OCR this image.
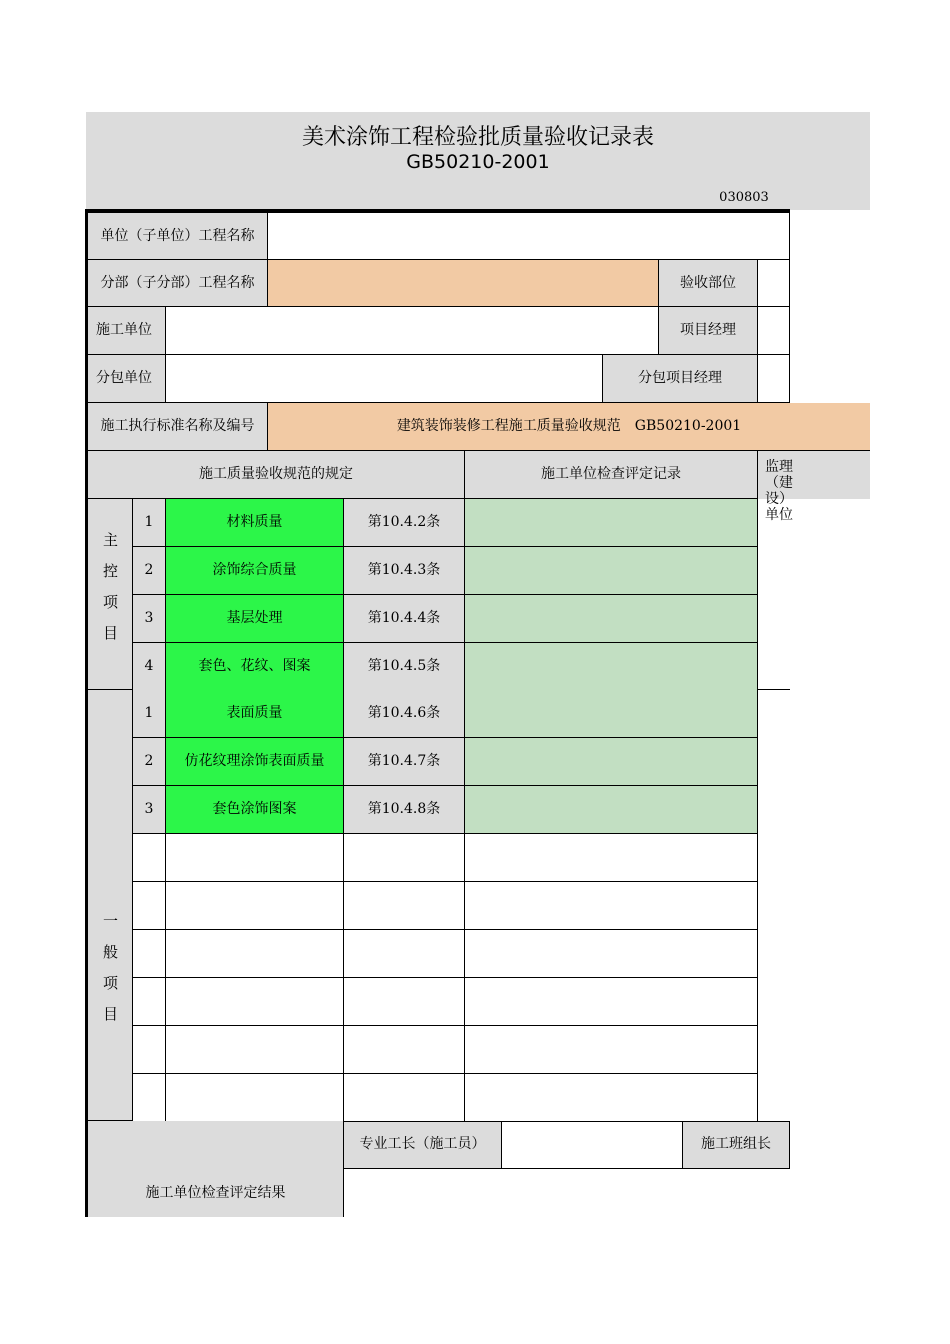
美术涂饰工程检验批质量验收记录表
GB50210-2001
030803
单位（子单位）工程名称
分部（子分部）工程名称	验收部位
施工单位	项目经理
分包单位	分包项目经理
施工执行标准名称及编号	建筑装饰装修工程施工质量验收规范　GB50210-2001
施工质量验收规范的规定	施工单位检查评定记录	监理（建设）单位
主控项目
1	材料质量	第10.4.2条
2	涂饰综合质量	第10.4.3条
3	基层处理	第10.4.4条
4	套色、花纹、图案	第10.4.5条
一般项目
1	表面质量	第10.4.6条
2	仿花纹理涂饰表面质量	第10.4.7条
3	套色涂饰图案	第10.4.8条
施工单位检查评定结果
专业工长（施工员）	施工班组长
